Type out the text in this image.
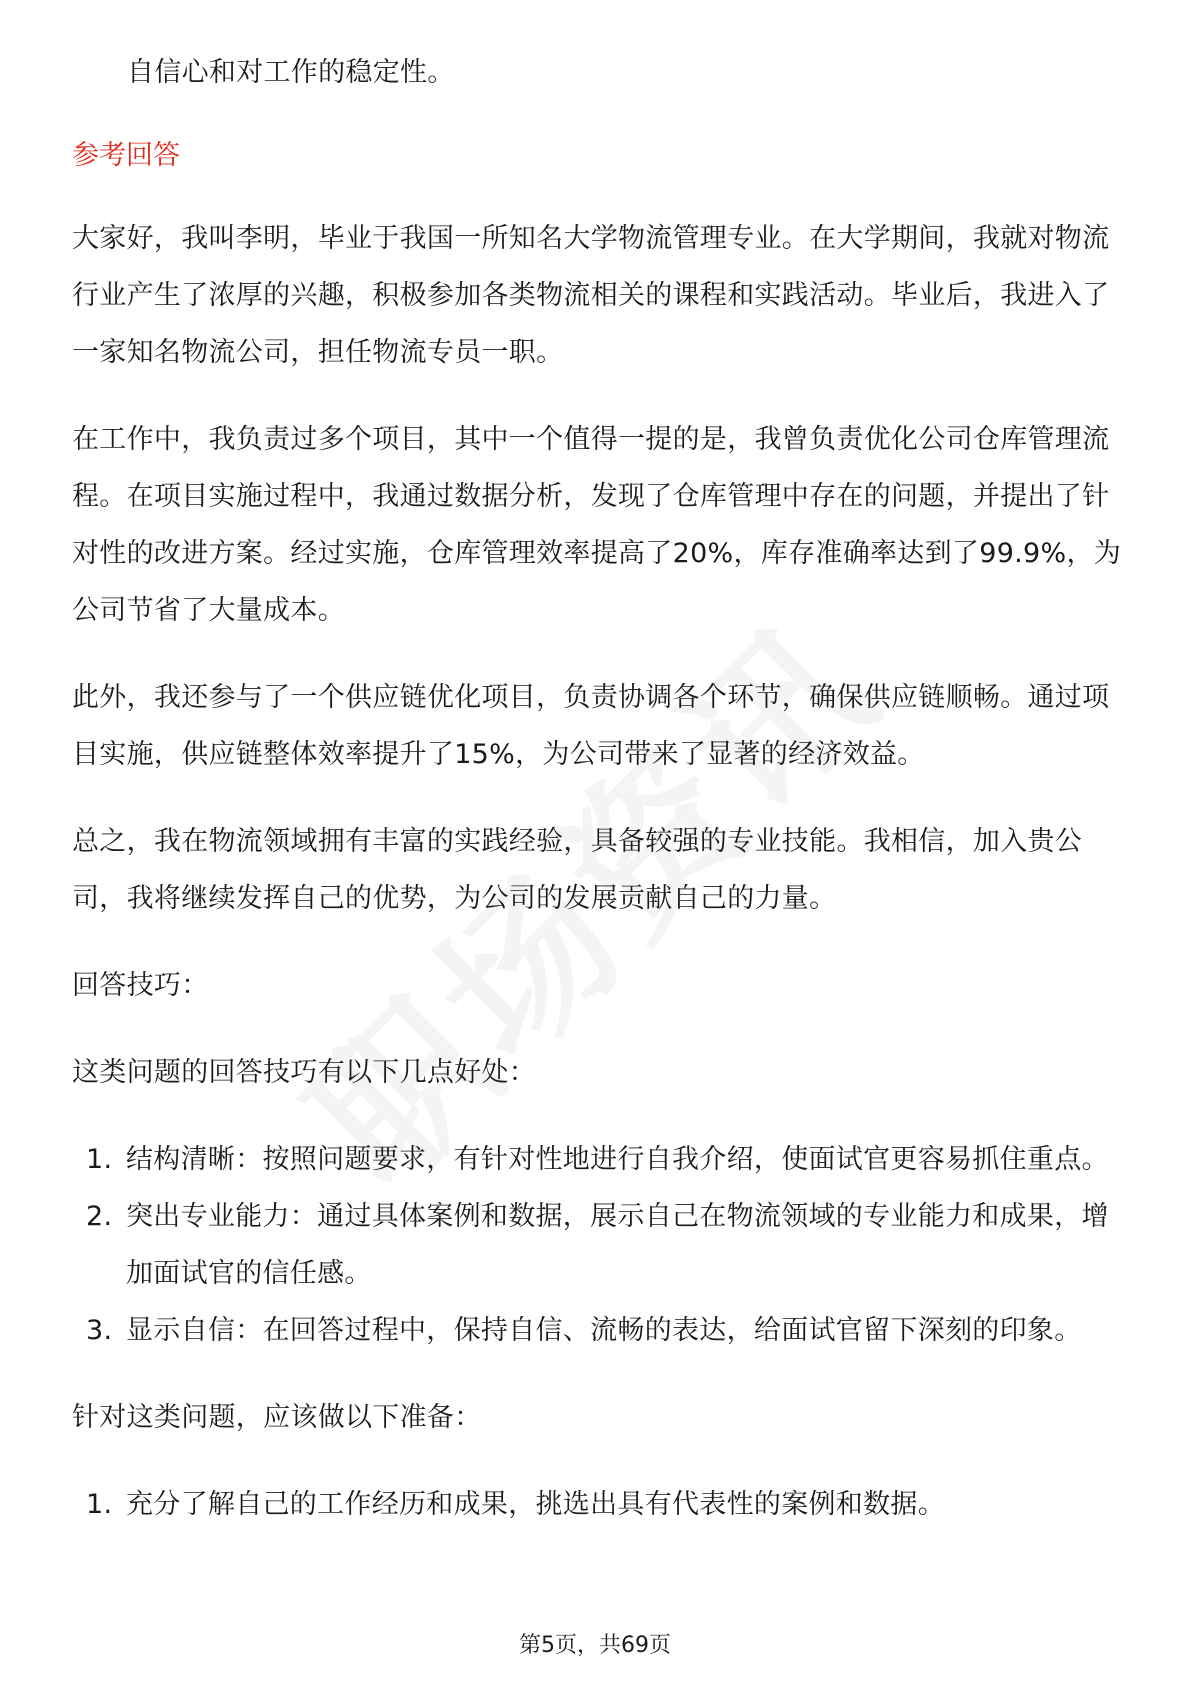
自信心和对工作的稳定性。

参考回答

大家好，我叫李明，毕业于我国一所知名大学物流管理专业。在大学期间，我就对物流行业产生了浓厚的兴趣，积极参加各类物流相关的课程和实践活动。毕业后，我进入了一家知名物流公司，担任物流专员一职。

在工作中，我负责过多个项目，其中一个值得一提的是，我曾负责优化公司仓库管理流程。在项目实施过程中，我通过数据分析，发现了仓库管理中存在的问题，并提出了针对性的改进方案。经过实施，仓库管理效率提高了20%，库存准确率达到了99.9%，为公司节省了大量成本。

此外，我还参与了一个供应链优化项目，负责协调各个环节，确保供应链顺畅。通过项目实施，供应链整体效率提升了15%，为公司带来了显著的经济效益。

总之，我在物流领域拥有丰富的实践经验，具备较强的专业技能。我相信，加入贵公司，我将继续发挥自己的优势，为公司的发展贡献自己的力量。

回答技巧：

这类问题的回答技巧有以下几点好处：

1. 结构清晰：按照问题要求，有针对性地进行自我介绍，使面试官更容易抓住重点。
2. 突出专业能力：通过具体案例和数据，展示自己在物流领域的专业能力和成果，增加面试官的信任感。
3. 显示自信：在回答过程中，保持自信、流畅的表达，给面试官留下深刻的印象。

针对这类问题，应该做以下准备：

1. 充分了解自己的工作经历和成果，挑选出具有代表性的案例和数据。
第5页，共69页
